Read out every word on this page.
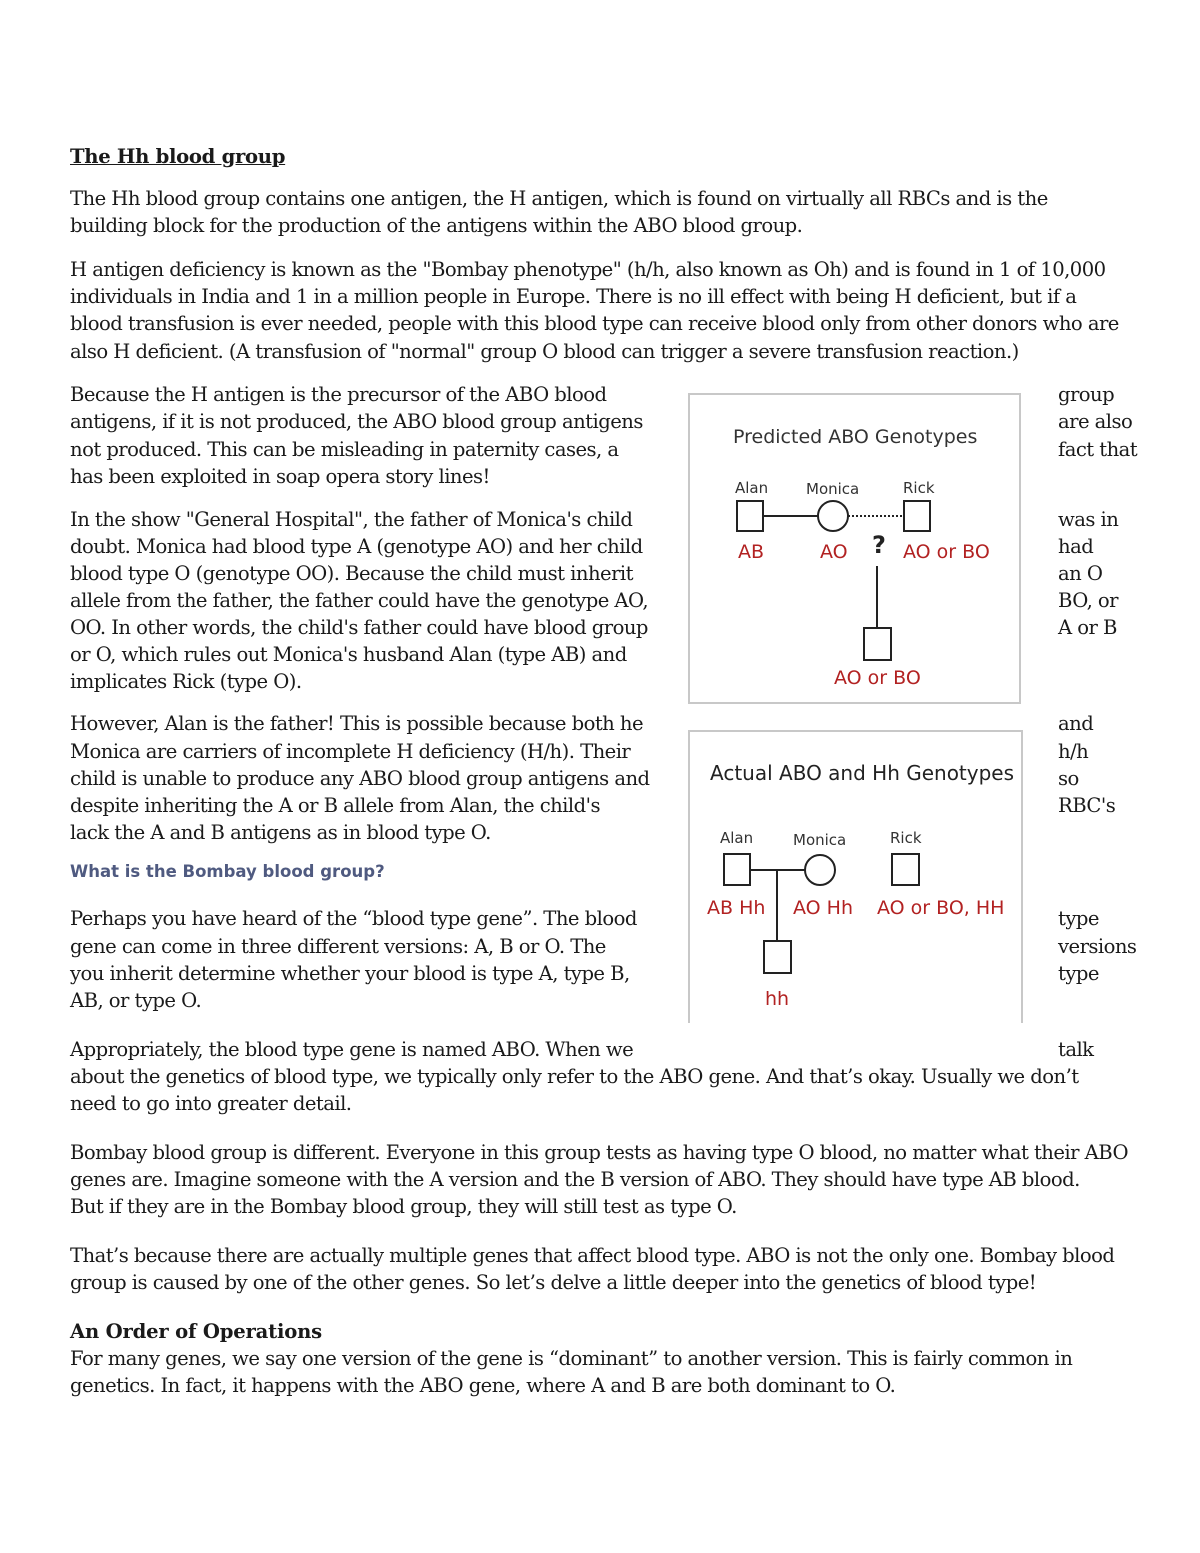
The Hh blood group
The Hh blood group contains one antigen, the H antigen, which is found on virtually all RBCs and is the
building block for the production of the antigens within the ABO blood group.
H antigen deficiency is known as the "Bombay phenotype" (h/h, also known as Oh) and is found in 1 of 10,000
individuals in India and 1 in a million people in Europe. There is no ill effect with being H deficient, but if a
blood transfusion is ever needed, people with this blood type can receive blood only from other donors who are
also H deficient. (A transfusion of "normal" group O blood can trigger a severe transfusion reaction.)
Because the H antigen is the precursor of the ABO blood
antigens, if it is not produced, the ABO blood group antigens
not produced. This can be misleading in paternity cases, a
has been exploited in soap opera story lines!
group
are also
fact that
In the show "General Hospital", the father of Monica's child
doubt. Monica had blood type A (genotype AO) and her child
blood type O (genotype OO). Because the child must inherit
allele from the father, the father could have the genotype AO,
OO. In other words, the child's father could have blood group
or O, which rules out Monica's husband Alan (type AB) and
implicates Rick (type O).
was in
had
an O
BO, or
A or B
However, Alan is the father! This is possible because both he
Monica are carriers of incomplete H deficiency (H/h). Their
child is unable to produce any ABO blood group antigens and
despite inheriting the A or B allele from Alan, the child's
lack the A and B antigens as in blood type O.
and
h/h
so
RBC's
What is the Bombay blood group?
Perhaps you have heard of the “blood type gene”. The blood
gene can come in three different versions: A, B or O. The
you inherit determine whether your blood is type A, type B,
AB, or type O.
type
versions
type
Appropriately, the blood type gene is named ABO. When we	talk
about the genetics of blood type, we typically only refer to the ABO gene. And that’s okay. Usually we don’t
need to go into greater detail.
Bombay blood group is different. Everyone in this group tests as having type O blood, no matter what their ABO
genes are. Imagine someone with the A version and the B version of ABO. They should have type AB blood.
But if they are in the Bombay blood group, they will still test as type O.
That’s because there are actually multiple genes that affect blood type. ABO is not the only one. Bombay blood
group is caused by one of the other genes. So let’s delve a little deeper into the genetics of blood type!
An Order of Operations
For many genes, we say one version of the gene is “dominant” to another version. This is fairly common in
genetics. In fact, it happens with the ABO gene, where A and B are both dominant to O.
Predicted ABO Genotypes
Alan	Monica	Rick
AB	AO ? AO or BO
AO or BO
Actual ABO and Hh Genotypes
Alan	Monica	Rick
AB Hh AO Hh AO or BO, HH
hh
